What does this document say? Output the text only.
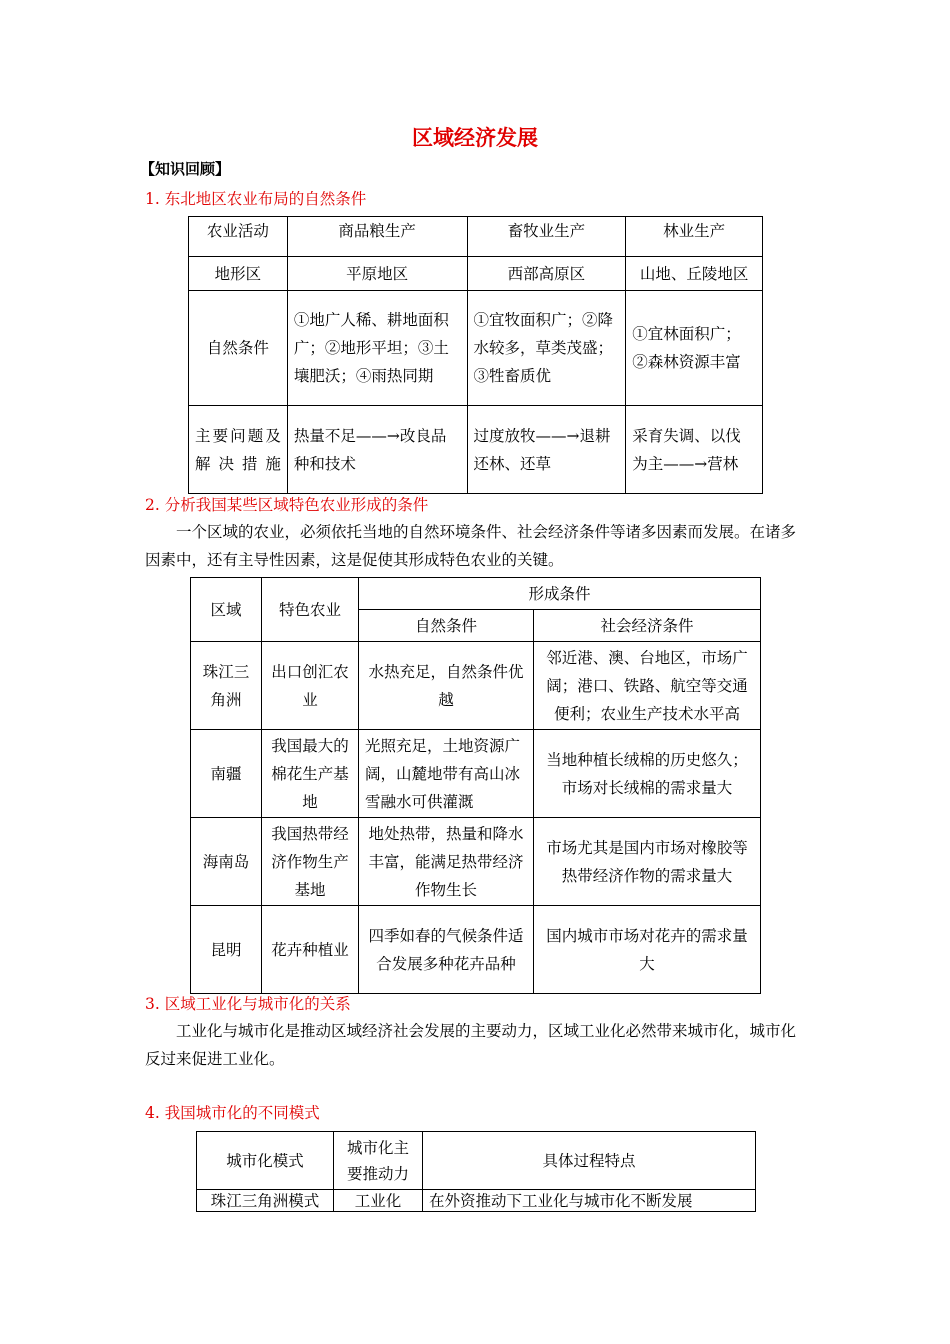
区域经济发展
【知识回顾】
1. 东北地区农业布局的自然条件
农业活动	商品粮生产	畜牧业生产	林业生产
地形区	平原地区	西部高原区	山地、丘陵地区
自然条件	①地广人稀、耕地面积广；②地形平坦；③土壤肥沃；④雨热同期	①宜牧面积广；②降水较多，草类茂盛；③牲畜质优	①宜林面积广；②森林资源丰富
主要问题及解决措施	热量不足——→改良品种和技术	过度放牧——→退耕还林、还草	采育失调、以伐为主——→营林
2. 分析我国某些区域特色农业形成的条件
一个区域的农业，必须依托当地的自然环境条件、社会经济条件等诸多因素而发展。在诸多因素中，还有主导性因素，这是促使其形成特色农业的关键。
区域	特色农业	形成条件	
		自然条件	社会经济条件
珠江三角洲	出口创汇农业	水热充足，自然条件优越	邻近港、澳、台地区，市场广阔；港口、铁路、航空等交通便利；农业生产技术水平高
南疆	我国最大的棉花生产基地	光照充足，土地资源广阔，山麓地带有高山冰雪融水可供灌溉	当地种植长绒棉的历史悠久；市场对长绒棉的需求量大
海南岛	我国热带经济作物生产基地	地处热带，热量和降水丰富，能满足热带经济作物生长	市场尤其是国内市场对橡胶等热带经济作物的需求量大
昆明	花卉种植业	四季如春的气候条件适合发展多种花卉品种	国内城市市场对花卉的需求量大
3. 区域工业化与城市化的关系
工业化与城市化是推动区域经济社会发展的主要动力，区域工业化必然带来城市化，城市化反过来促进工业化。
4. 我国城市化的不同模式
城市化模式	城市化主要推动力	具体过程特点
珠江三角洲模式	工业化	在外资推动下工业化与城市化不断发展
